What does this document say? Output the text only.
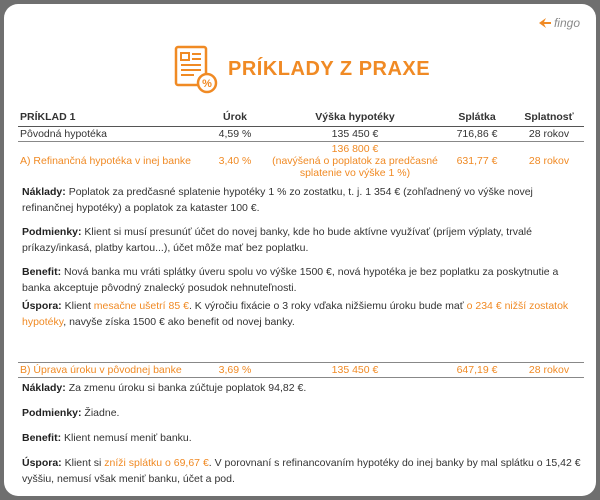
fingo
%
PRÍKLADY Z PRAXE
PRÍKLAD 1	Úrok	Výška hypotéky	Splátka	Splatnosť
Pôvodná hypotéka	4,59 %	135 450 €	716,86 €	28 rokov
A) Refinančná hypotéka v inej banke	3,40 %	136 800 €
(navýšená o poplatok za predčasné
splatenie vo výške 1 %)	631,77 €	28 rokov
Náklady: Poplatok za predčasné splatenie hypotéky 1 % zo zostatku, t. j. 1 354 € (zohľadnený vo výške novej refinančnej hypotéky) a poplatok za kataster 100 €.
Podmienky: Klient si musí presunúť účet do novej banky, kde ho bude aktívne využívať (príjem výplaty, trvalé príkazy/inkasá, platby kartou...), účet môže mať bez poplatku.
Benefit: Nová banka mu vráti splátky úveru spolu vo výške 1500 €, nová hypotéka je bez poplatku za poskytnutie a banka akceptuje pôvodný znalecký posudok nehnuteľnosti.
Úspora: Klient mesačne ušetrí 85 €. K výročiu fixácie o 3 roky vďaka nižšiemu úroku bude mať o 234 € nižší zostatok hypotéky, navyše získa 1500 € ako benefit od novej banky.
B) Úprava úroku v pôvodnej banke	3,69 %	135 450 €	647,19 €	28 rokov
Náklady: Za zmenu úroku si banka zúčtuje poplatok 94,82 €.
Podmienky: Žiadne.
Benefit: Klient nemusí meniť banku.
Úspora: Klient si zníži splátku o 69,67 €. V porovnaní s refinancovaním hypotéky do inej banky by mal splátku o 15,42 € vyššiu, nemusí však meniť banku, účet a pod.
